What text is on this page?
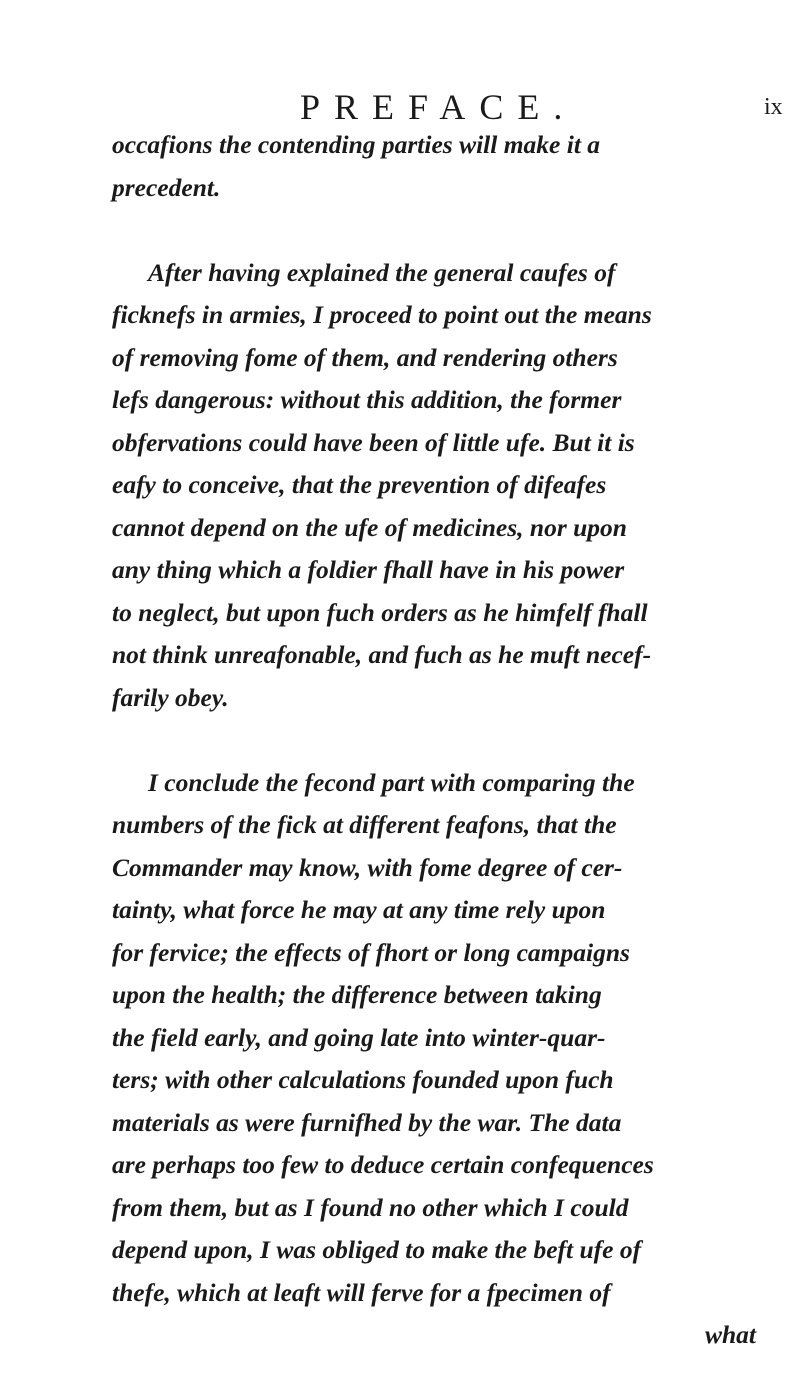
PREFACE.	ix
occafions the contending parties will make it a
precedent.
After having explained the general caufes of
ficknefs in armies, I proceed to point out the means
of removing fome of them, and rendering others
lefs dangerous: without this addition, the former
obfervations could have been of little ufe. But it is
eafy to conceive, that the prevention of difeafes
cannot depend on the ufe of medicines, nor upon
any thing which a foldier fhall have in his power
to neglect, but upon fuch orders as he himfelf fhall
not think unreafonable, and fuch as he muft necef-
farily obey.
I conclude the fecond part with comparing the
numbers of the fick at different feafons, that the
Commander may know, with fome degree of cer-
tainty, what force he may at any time rely upon
for fervice; the effects of fhort or long campaigns
upon the health; the difference between taking
the field early, and going late into winter-quar-
ters; with other calculations founded upon fuch
materials as were furnifhed by the war. The data
are perhaps too few to deduce certain confequences
from them, but as I found no other which I could
depend upon, I was obliged to make the beft ufe of
thefe, which at leaft will ferve for a fpecimen of
what
